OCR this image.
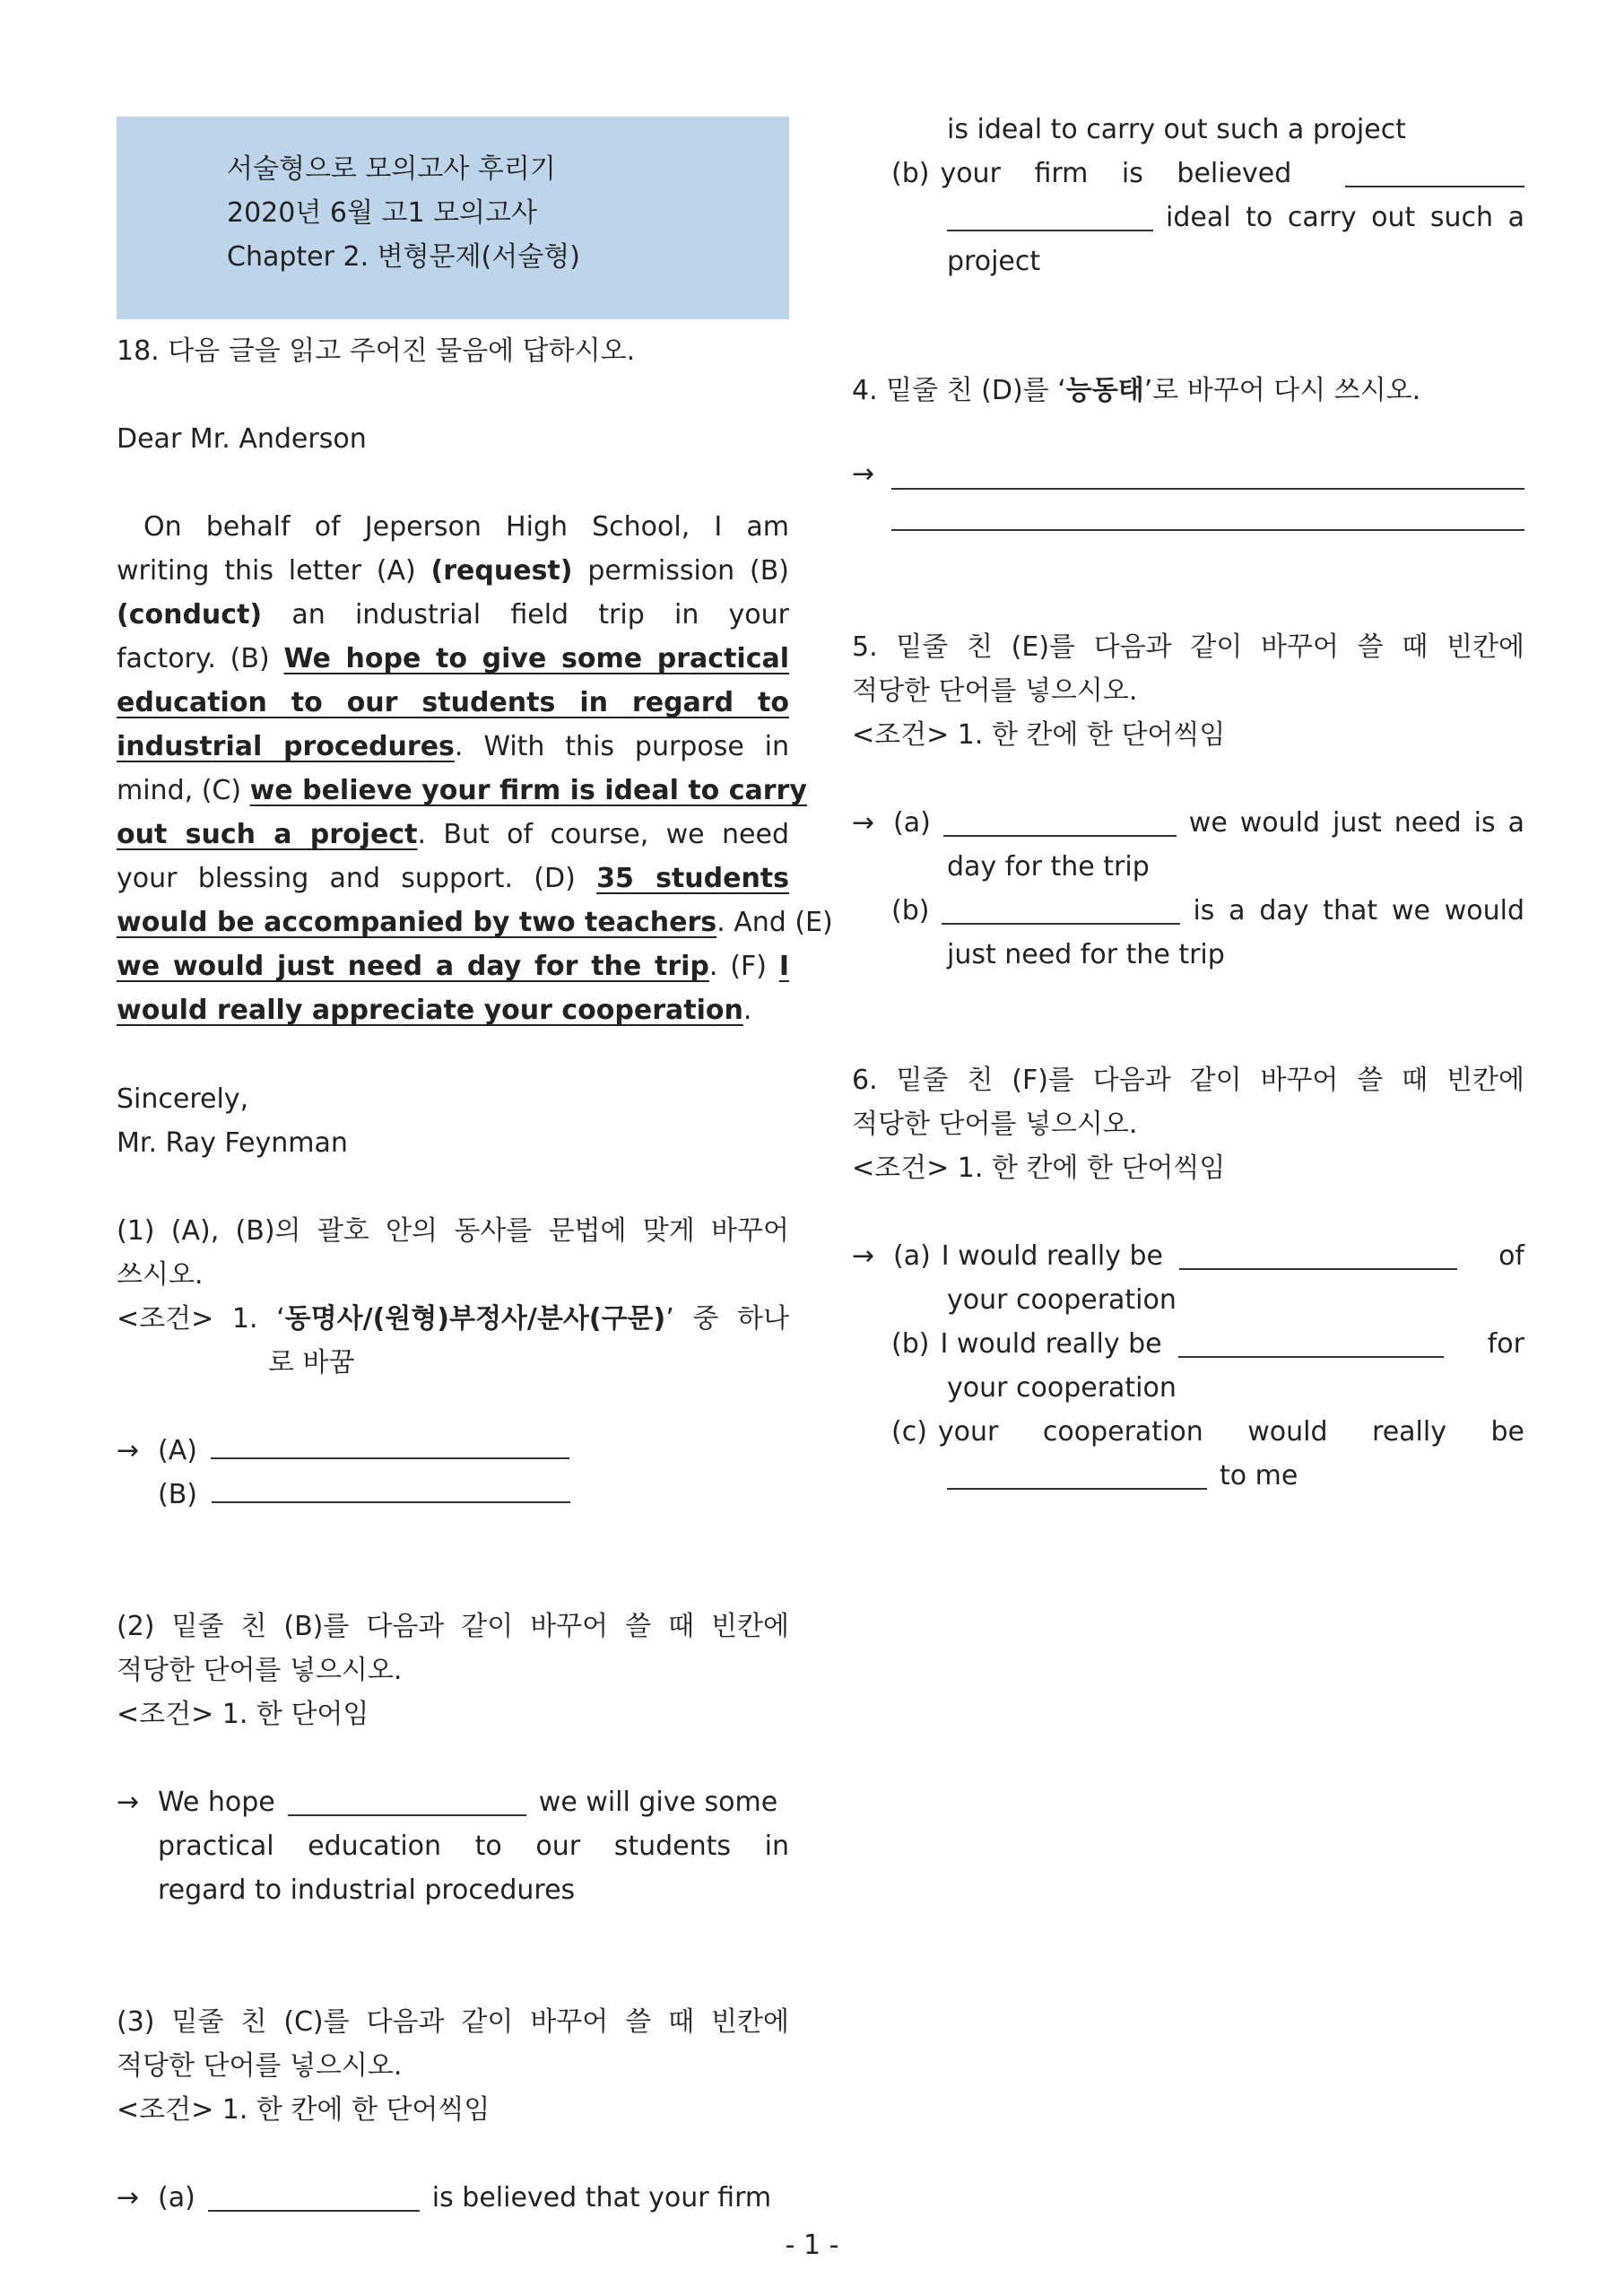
서술형으로 모의고사 후리기
2020년 6월 고1 모의고사
Chapter 2. 변형문제(서술형)
18. 다음 글을 읽고 주어진 물음에 답하시오.
Dear Mr. Anderson
On behalf of Jeperson High School, I am
writing this letter (A) (request) permission (B)
(conduct) an industrial field trip in your
factory. (B) We hope to give some practical
education to our students in regard to
industrial procedures. With this purpose in
mind, (C) we believe your firm is ideal to carry
out such a project. But of course, we need
your blessing and support. (D) 35 students
would be accompanied by two teachers. And (E)
we would just need a day for the trip. (F) I
would really appreciate your cooperation.
Sincerely,
Mr. Ray Feynman
(1) (A), (B)의 괄호 안의 동사를 문법에 맞게 바꾸어
쓰시오.
<조건> 1. ‘동명사/(원형)부정사/분사(구문)’ 중 하나
로 바꿈
→ (A)
(B)
(2) 밑줄 친 (B)를 다음과 같이 바꾸어 쓸 때 빈칸에
적당한 단어를 넣으시오.
<조건> 1. 한 단어임
→ We hope	we will give some
practical education to our students in
regard to industrial procedures
(3) 밑줄 친 (C)를 다음과 같이 바꾸어 쓸 때 빈칸에
적당한 단어를 넣으시오.
<조건> 1. 한 칸에 한 단어씩임
→ (a)	is believed that your firm
is ideal to carry out such a project
(b) your firm is believed
ideal to carry out such a
project
4. 밑줄 친 (D)를 ‘능동태’로 바꾸어 다시 쓰시오.
→
5. 밑줄 친 (E)를 다음과 같이 바꾸어 쓸 때 빈칸에
적당한 단어를 넣으시오.
<조건> 1. 한 칸에 한 단어씩임
→ (a)	we would just need is a
day for the trip
(b)	is a day that we would
just need for the trip
6. 밑줄 친 (F)를 다음과 같이 바꾸어 쓸 때 빈칸에
적당한 단어를 넣으시오.
<조건> 1. 한 칸에 한 단어씩임
→ (a) I would really be	of
your cooperation
(b) I would really be	for
your cooperation
(c) your cooperation would really be
to me
- 1 -
